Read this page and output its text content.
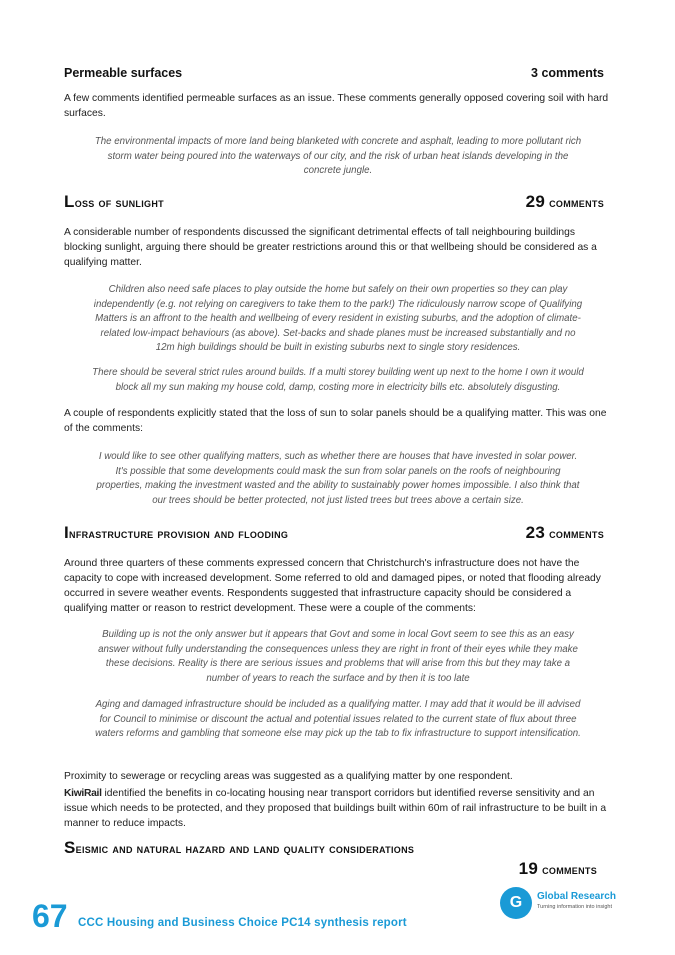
Permeable surfaces	3 comments

A few comments identified permeable surfaces as an issue. These comments generally opposed covering soil with hard surfaces.

The environmental impacts of more land being blanketed with concrete and asphalt, leading to more pollutant rich storm water being poured into the waterways of our city, and the risk of urban heat islands developing in the concrete jungle.

Loss of sunlight	29 comments

A considerable number of respondents discussed the significant detrimental effects of tall neighbouring buildings blocking sunlight, arguing there should be greater restrictions around this or that wellbeing should be considered as a qualifying matter.

Children also need safe places to play outside the home but safely on their own properties so they can play independently (e.g. not relying on caregivers to take them to the park!) The ridiculously narrow scope of Qualifying Matters is an affront to the health and wellbeing of every resident in existing suburbs, and the adoption of climate-related low-impact behaviours (as above). Set-backs and shade planes must be increased substantially and no 12m high buildings should be built in existing suburbs next to single story residences.

There should be several strict rules around builds. If a multi storey building went up next to the home I own it would block all my sun making my house cold, damp, costing more in electricity bills etc. absolutely disgusting.

A couple of respondents explicitly stated that the loss of sun to solar panels should be a qualifying matter. This was one of the comments:

I would like to see other qualifying matters, such as whether there are houses that have invested in solar power. It's possible that some developments could mask the sun from solar panels on the roofs of neighbouring properties, making the investment wasted and the ability to sustainably power homes impossible. I also think that our trees should be better protected, not just listed trees but trees above a certain size.

Infrastructure provision and flooding	23 comments

Around three quarters of these comments expressed concern that Christchurch's infrastructure does not have the capacity to cope with increased development. Some referred to old and damaged pipes, or noted that flooding already occurred in severe weather events. Respondents suggested that infrastructure capacity should be considered a qualifying matter or reason to restrict development. These were a couple of the comments:

Building up is not the only answer but it appears that Govt and some in local Govt seem to see this as an easy answer without fully understanding the consequences unless they are right in front of their eyes while they make these decisions. Reality is there are serious issues and problems that will arise from this but they may take a number of years to reach the surface and by then it is too late

Aging and damaged infrastructure should be included as a qualifying matter. I may add that it would be ill advised for Council to minimise or discount the actual and potential issues related to the current state of flux about three waters reforms and gambling that someone else may pick up the tab to fix infrastructure to support intensification.

Proximity to sewerage or recycling areas was suggested as a qualifying matter by one respondent.

KiwiRail identified the benefits in co-locating housing near transport corridors but identified reverse sensitivity and an issue which needs to be protected, and they proposed that buildings built within 60m of rail infrastructure to be built in a manner to reduce impacts.

Seismic and natural hazard and land quality considerations
19 comments
67 CCC Housing and Business Choice PC14 synthesis report
G	Global Research
Turning information into insight
